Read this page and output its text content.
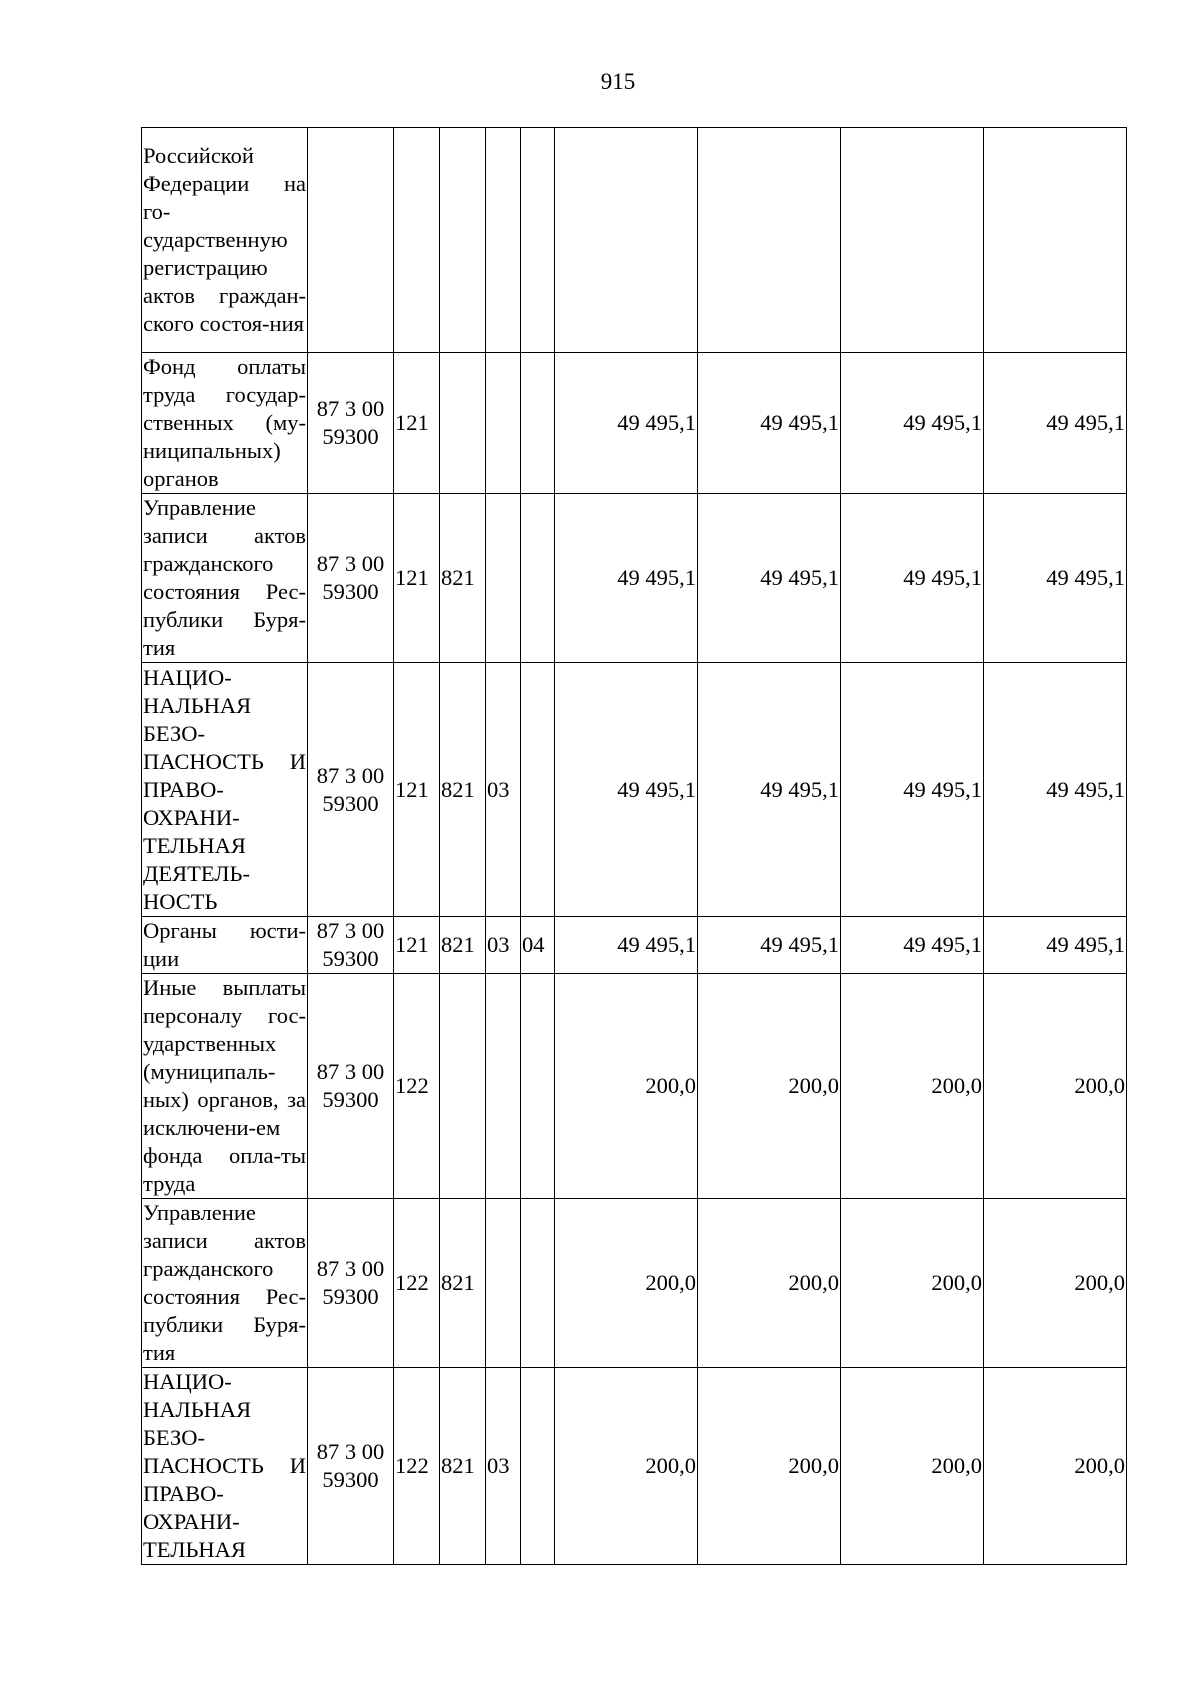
915
Российской Федерации на го-сударственную регистрацию актов граждан-ского состоя-ния									
Фонд оплаты труда государ-ственных (му-ниципальных) органов	87 3 00 59300	121				49 495,1	49 495,1	49 495,1	49 495,1
Управление записи актов гражданского состояния Рес-публики Буря-тия	87 3 00 59300	121	821			49 495,1	49 495,1	49 495,1	49 495,1
НАЦИО-НАЛЬНАЯ БЕЗО-ПАСНОСТЬ И ПРАВО-ОХРАНИ-ТЕЛЬНАЯ ДЕЯТЕЛЬ-НОСТЬ	87 3 00 59300	121	821	03		49 495,1	49 495,1	49 495,1	49 495,1
Органы юсти-ции	87 3 00 59300	121	821	03	04	49 495,1	49 495,1	49 495,1	49 495,1
Иные выплаты персоналу гос-ударственных (муниципаль-ных) органов, за исключени-ем фонда опла-ты труда	87 3 00 59300	122				200,0	200,0	200,0	200,0
Управление записи актов гражданского состояния Рес-публики Буря-тия	87 3 00 59300	122	821			200,0	200,0	200,0	200,0
НАЦИО-НАЛЬНАЯ БЕЗО-ПАСНОСТЬ И ПРАВО-ОХРАНИ-ТЕЛЬНАЯ	87 3 00 59300	122	821	03		200,0	200,0	200,0	200,0
